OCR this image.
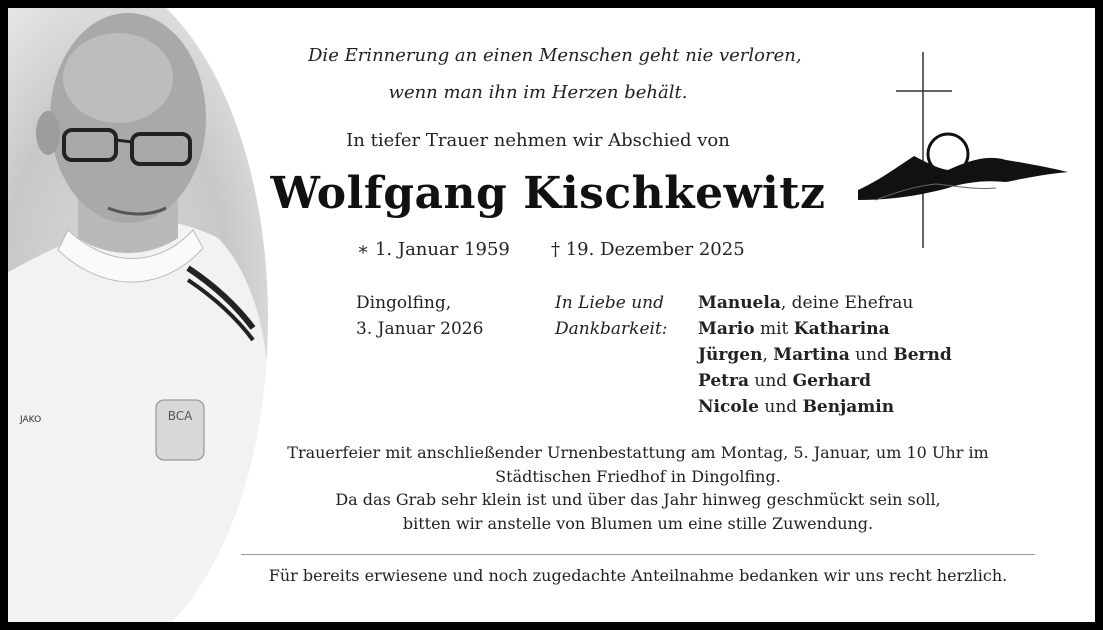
BCA
JAKO
Die Erinnerung an einen Menschen geht nie verloren,
wenn man ihn im Herzen behält.
In tiefer Trauer nehmen wir Abschied von
Wolfgang Kischkewitz
∗ 1. Januar 1959 † 19. Dezember 2025
Dingolfing,
3. Januar 2026
In Liebe und
Dankbarkeit:
Manuela, deine Ehefrau
Mario mit Katharina
Jürgen, Martina und Bernd
Petra und Gerhard
Nicole und Benjamin
Trauerfeier mit anschließender Urnenbestattung am Montag, 5. Januar, um 10 Uhr im
Städtischen Friedhof in Dingolfing.
Da das Grab sehr klein ist und über das Jahr hinweg geschmückt sein soll,
bitten wir anstelle von Blumen um eine stille Zuwendung.
Für bereits erwiesene und noch zugedachte Anteilnahme bedanken wir uns recht herzlich.
